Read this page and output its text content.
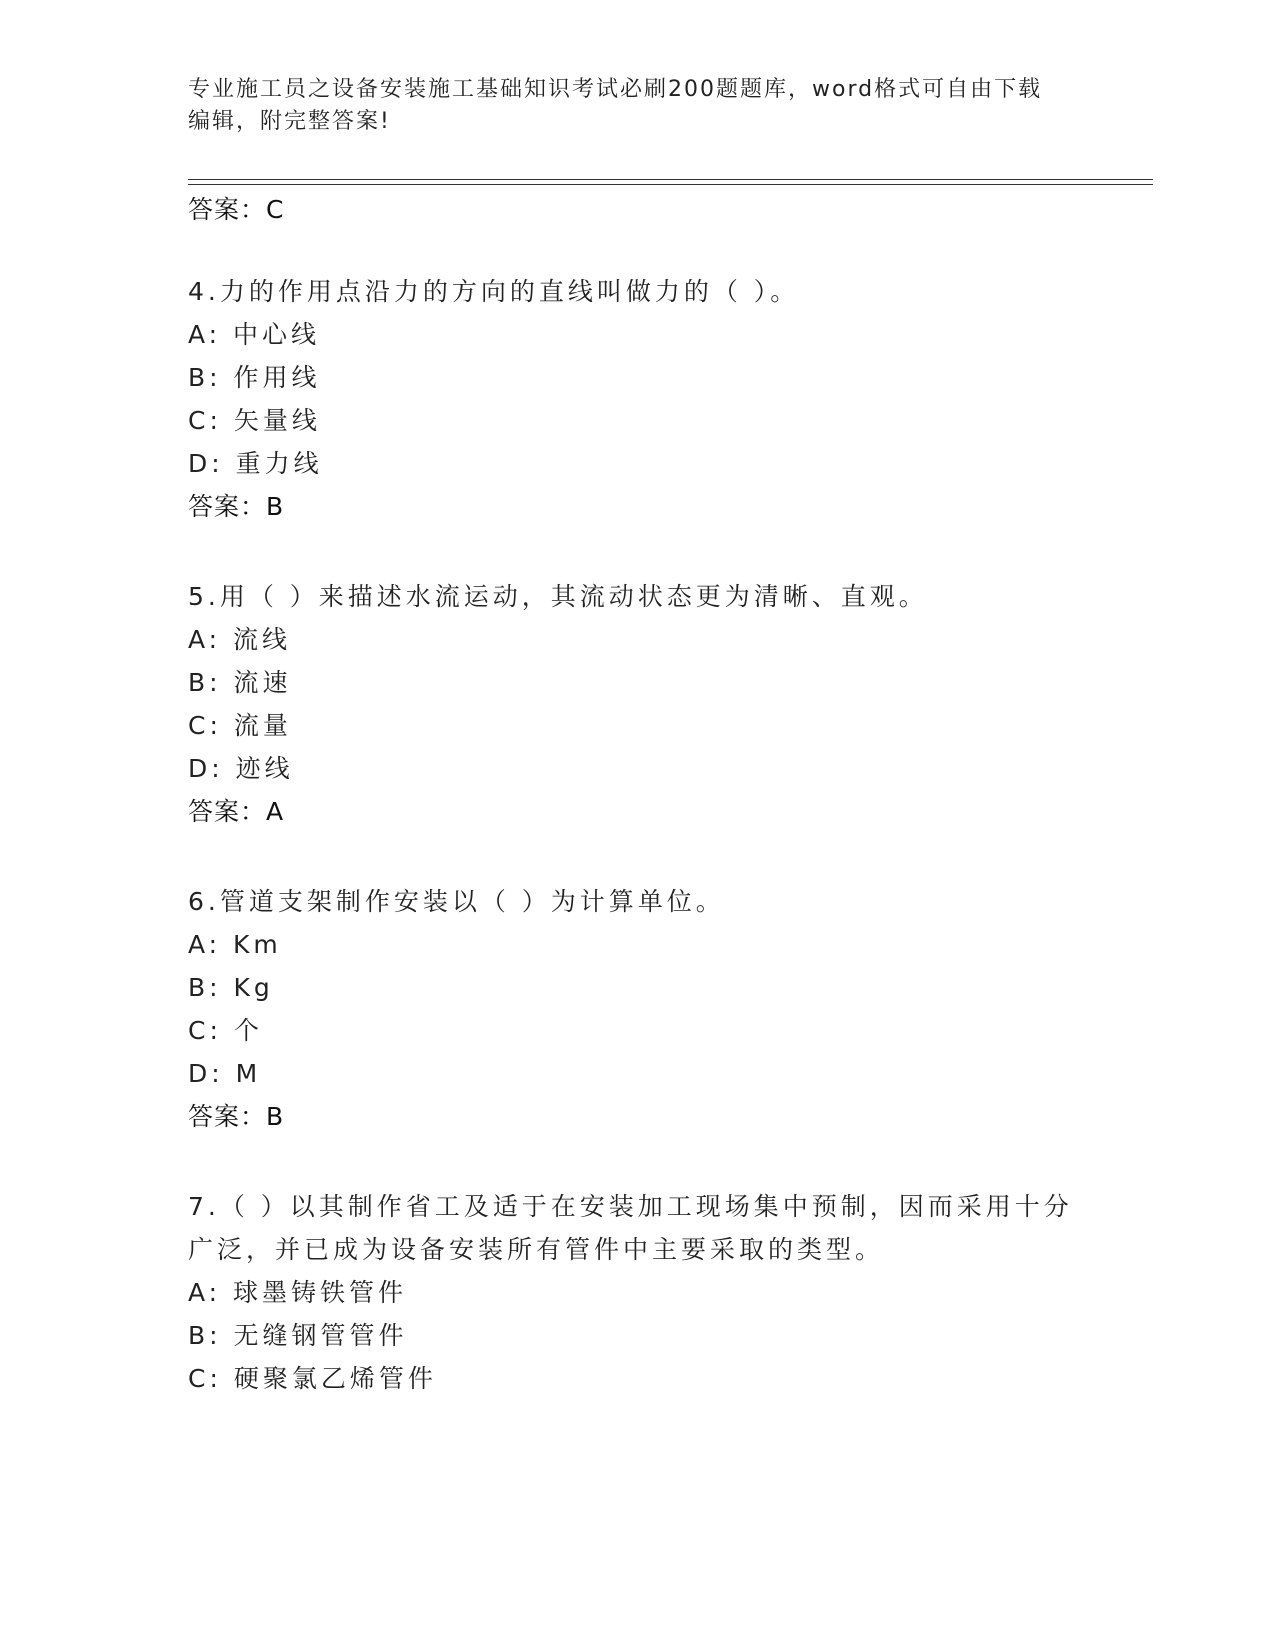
专业施工员之设备安装施工基础知识考试必刷200题题库，word格式可自由下载
编辑，附完整答案!
答案：C
4.力的作用点沿力的方向的直线叫做力的（ ）。
A: 中心线
B: 作用线
C: 矢量线
D: 重力线
答案：B
5.用（ ）来描述水流运动，其流动状态更为清晰、直观。
A: 流线
B: 流速
C: 流量
D: 迹线
答案：A
6.管道支架制作安装以（ ）为计算单位。
A: Km
B: Kg
C: 个
D: M
答案：B
7.（ ）以其制作省工及适于在安装加工现场集中预制，因而采用十分
广泛，并已成为设备安装所有管件中主要采取的类型。
A: 球墨铸铁管件
B: 无缝钢管管件
C: 硬聚氯乙烯管件
